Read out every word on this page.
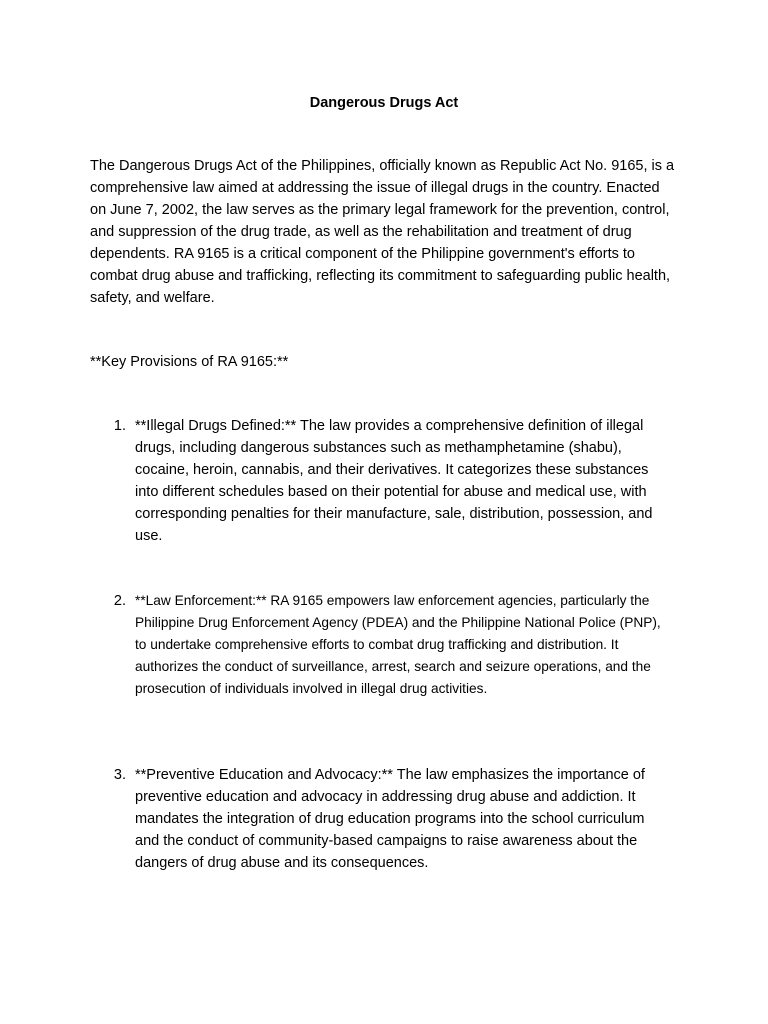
Dangerous Drugs Act

The Dangerous Drugs Act of the Philippines, officially known as Republic Act No. 9165, is a comprehensive law aimed at addressing the issue of illegal drugs in the country. Enacted on June 7, 2002, the law serves as the primary legal framework for the prevention, control, and suppression of the drug trade, as well as the rehabilitation and treatment of drug dependents. RA 9165 is a critical component of the Philippine government's efforts to combat drug abuse and trafficking, reflecting its commitment to safeguarding public health, safety, and welfare.

**Key Provisions of RA 9165:**

1. **Illegal Drugs Defined:** The law provides a comprehensive definition of illegal drugs, including dangerous substances such as methamphetamine (shabu), cocaine, heroin, cannabis, and their derivatives. It categorizes these substances into different schedules based on their potential for abuse and medical use, with corresponding penalties for their manufacture, sale, distribution, possession, and use.

2. **Law Enforcement:** RA 9165 empowers law enforcement agencies, particularly the Philippine Drug Enforcement Agency (PDEA) and the Philippine National Police (PNP), to undertake comprehensive efforts to combat drug trafficking and distribution. It authorizes the conduct of surveillance, arrest, search and seizure operations, and the prosecution of individuals involved in illegal drug activities.

3. **Preventive Education and Advocacy:** The law emphasizes the importance of preventive education and advocacy in addressing drug abuse and addiction. It mandates the integration of drug education programs into the school curriculum and the conduct of community-based campaigns to raise awareness about the dangers of drug abuse and its consequences.
